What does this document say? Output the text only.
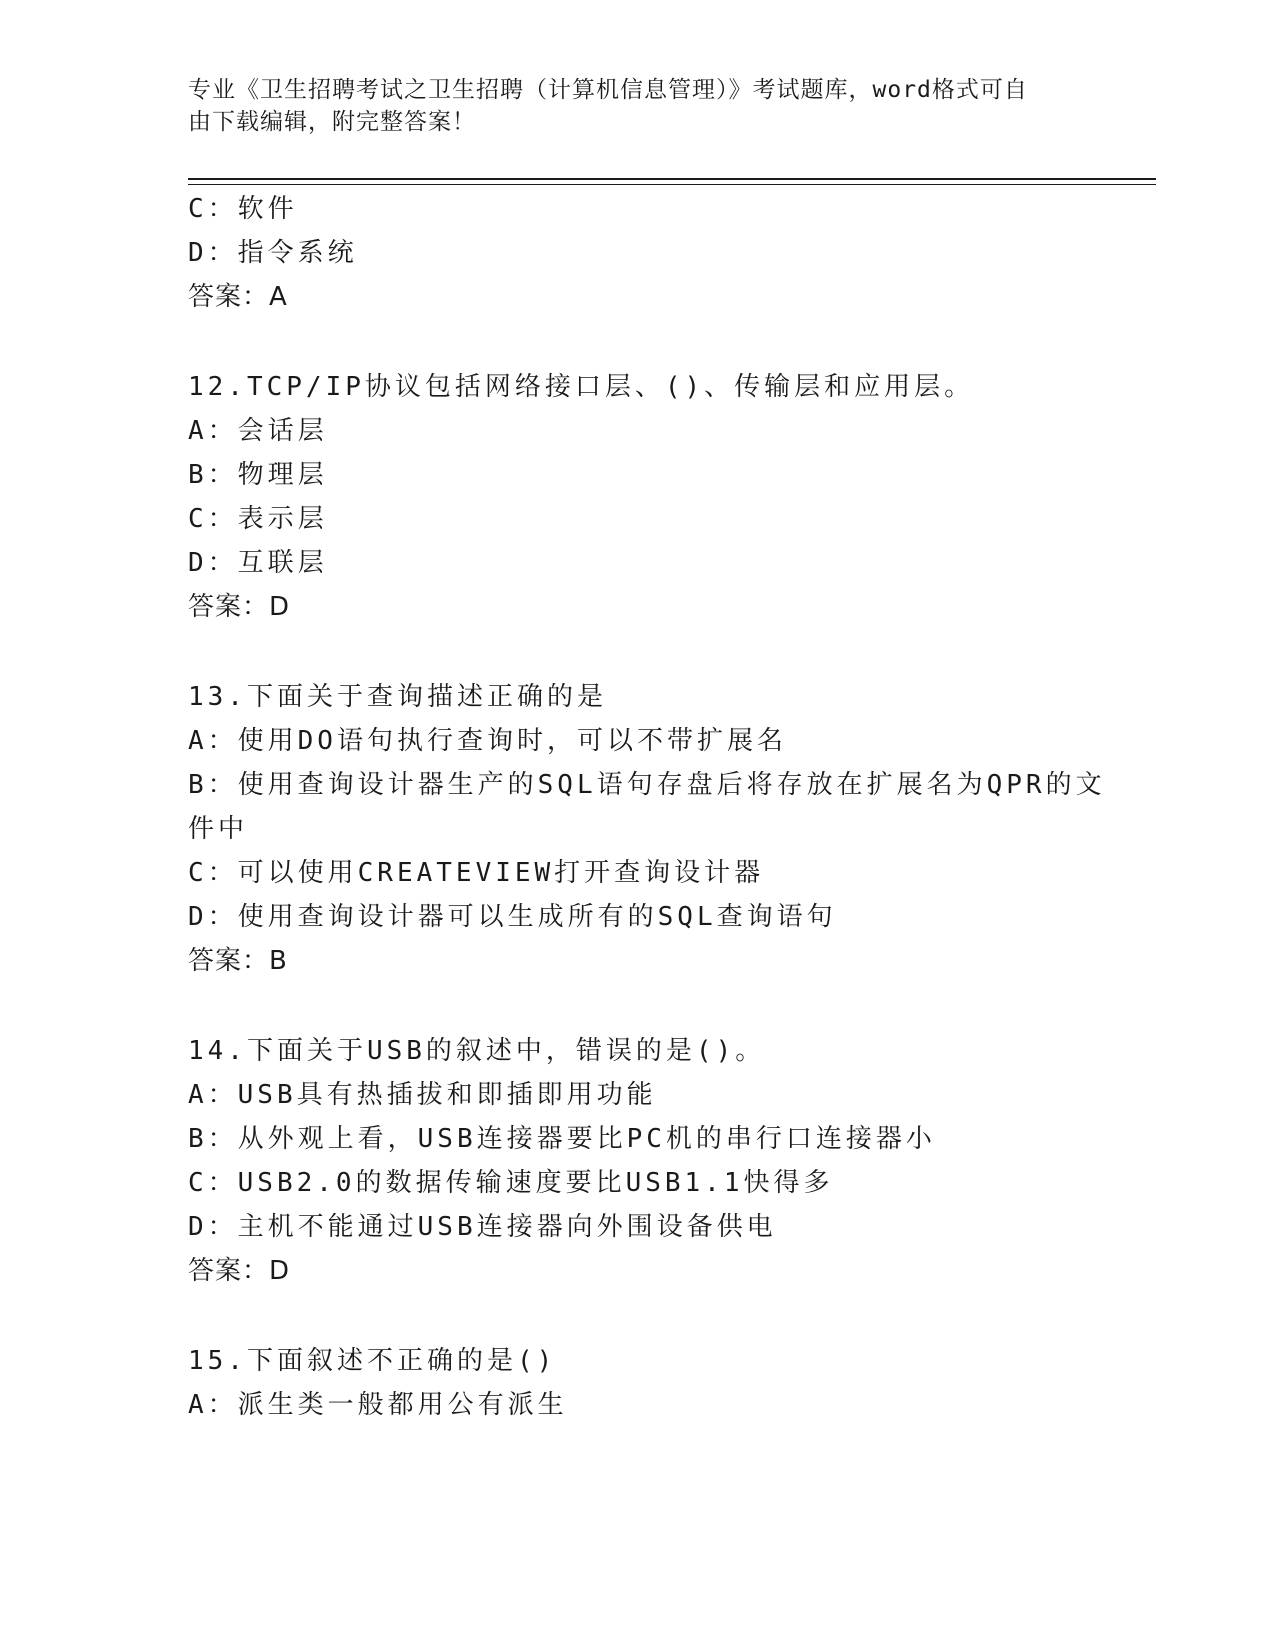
专业《卫生招聘考试之卫生招聘（计算机信息管理）》考试题库，word格式可自
由下载编辑，附完整答案！
C：软件
D：指令系统
答案：A
12.TCP/IP协议包括网络接口层、()、传输层和应用层。
A：会话层
B：物理层
C：表示层
D：互联层
答案：D
13.下面关于查询描述正确的是
A：使用DO语句执行查询时，可以不带扩展名
B：使用查询设计器生产的SQL语句存盘后将存放在扩展名为QPR的文
件中
C：可以使用CREATEVIEW打开查询设计器
D：使用查询设计器可以生成所有的SQL查询语句
答案：B
14.下面关于USB的叙述中，错误的是()。
A：USB具有热插拔和即插即用功能
B：从外观上看，USB连接器要比PC机的串行口连接器小
C：USB2.0的数据传输速度要比USB1.1快得多
D：主机不能通过USB连接器向外围设备供电
答案：D
15.下面叙述不正确的是()
A：派生类一般都用公有派生
